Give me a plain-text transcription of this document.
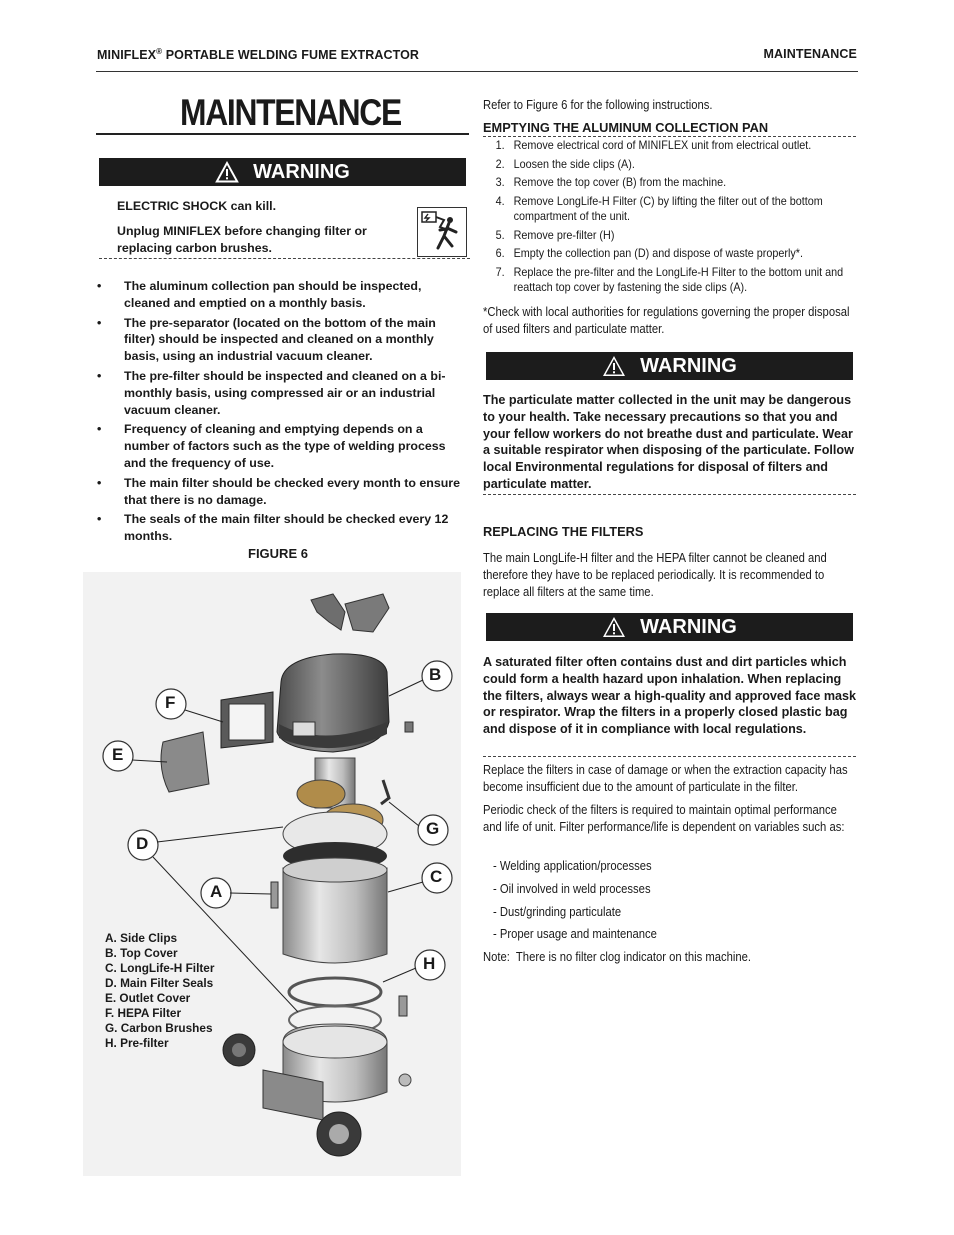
MINIFLEX® PORTABLE WELDING FUME EXTRACTOR	MAINTENANCE
MAINTENANCE
WARNING
ELECTRIC SHOCK can kill.
Unplug MINIFLEX before changing filter or replacing carbon brushes.
• The aluminum collection pan should be inspected, cleaned and emptied on a monthly basis.
• The pre-separator (located on the bottom of the main filter) should be inspected and cleaned on a monthly basis, using an industrial vacuum cleaner.
• The pre-filter should be inspected and cleaned on a bi-monthly basis, using compressed air or an industrial vacuum cleaner.
• Frequency of cleaning and emptying depends on a number of factors such as the type of welding process and the frequency of use.
• The main filter should be checked every month to ensure that there is no damage.
• The seals of the main filter should be checked every 12 months.
FIGURE 6
B
F
E
G
D
C
A
H
A. Side Clips
B. Top Cover
C. LongLife-H Filter
D. Main Filter Seals
E. Outlet Cover
F. HEPA Filter
G. Carbon Brushes
H. Pre-filter
Refer to Figure 6 for the following instructions.
EMPTYING THE ALUMINUM COLLECTION PAN
1. Remove electrical cord of MINIFLEX unit from electrical outlet.
2. Loosen the side clips (A).
3. Remove the top cover (B) from the machine.
4. Remove LongLife-H Filter (C) by lifting the filter out of the bottom compartment of the unit.
5. Remove pre-filter (H)
6. Empty the collection pan (D) and dispose of waste properly*.
7. Replace the pre-filter and the LongLife-H Filter to the bottom unit and reattach top cover by fastening the side clips (A).
*Check with local authorities for regulations governing the proper disposal of used filters and particulate matter.
WARNING
The particulate matter collected in the unit may be dangerous to your health. Take necessary precautions so that you and your fellow workers do not breathe dust and particulate. Wear a suitable respirator when disposing of the particulate. Follow local Environmental regulations for disposal of filters and particulate matter.
REPLACING THE FILTERS
The main LongLife-H filter and the HEPA filter cannot be cleaned and therefore they have to be replaced periodically. It is recommended to replace all filters at the same time.
WARNING
A saturated filter often contains dust and dirt particles which could form a health hazard upon inhalation. When replacing the filters, always wear a high-quality and approved face mask or respirator. Wrap the filters in a properly closed plastic bag and dispose of it in compliance with local regulations.
Replace the filters in case of damage or when the extraction capacity has become insufficient due to the amount of particulate in the filter.
Periodic check of the filters is required to maintain optimal performance and life of unit. Filter performance/life is dependent on variables such as:
- Welding application/processes
- Oil involved in weld processes
- Dust/grinding particulate
- Proper usage and maintenance
Note:  There is no filter clog indicator on this machine.
